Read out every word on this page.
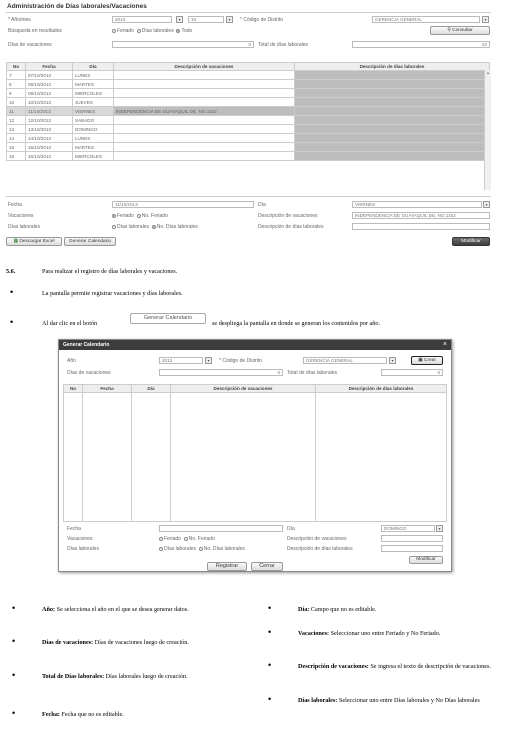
Administración de Días laborales/Vacaciones
* Año/mes	2013	▾	10	▾	* Código de Distrito	GERENCIA GENERAL	▾
Búsqueda en resultados	Feriado Días laborales Todo	⚲ Consultar
Días de vacaciones	0	Total de días laborales	22
No	Fecha	Día	Descripción de vacaciones	Descripción de días laborales
7	07/10/2013	LUNES		
8	08/10/2013	MARTES		
9	09/10/2013	MIERCOLES		
10	10/10/2013	JUEVES		
11	11/10/2013	VIERNES	INDEPENDENCIA DE GUAYAQUIL DE, NO.1152	
12	12/10/2013	SABADO		
13	13/10/2013	DOMINGO		
14	14/10/2013	LUNES		
15	15/10/2013	MARTES		
16	16/10/2013	MIERCOLES		
▴
Fecha	11/10/2013	Día	VIERNES	▾
Vacaciones	Feriado No. Feriado	Descripción de vacaciones	INDEPENDENCIA DE GUAYAQUIL DE, NO.1152
Días laborales	Días laborales No. Días laborales	Descripción de días laborales
▦ Descargar Excel	Generar Calendario	Modificar
5.6.	Para realizar el registro de días laborales y vacaciones.
•	La pantalla permite registrar vacaciones y días laborales.
•	Al dar clic en el botón
Generar Calendario
se despliega la pantalla en donde se generan los contenidos por año.
Generar Calendario	×
Año	2013	▾	* Código de Distrito	GERENCIA GENERAL	▾	▣ Crear
Días de vacaciones	0	Total de días laborales	0
No	Fecha	Día	Descripción de vacaciones	Descripción de días laborales

Fecha	Día	DOMINGO	▾
Vacaciones	Feriado No. Feriado	Descripción de vacaciones
Días laborales	Días laborales No. Días laborales	Descripción de días laborales
Modificar
Registrar	Cerrar
•	Año: Se selecciona el año en el que se desea generar datos.
•	Días de vacaciones: Días de vacaciones luego de creación.
•	Total de Días laborales: Días laborales luego de creación.
•	Fecha: Fecha que no es editable.
•	Día: Campo que no es editable.
•	Vacaciones: Seleccionar uno entre Feriado y No Feriado.
•	Descripción de vacaciones: Se ingresa el texto de descripción de vacaciones.
•	Días laborales: Seleccionar uno entre Días laborales y No Días laborales
